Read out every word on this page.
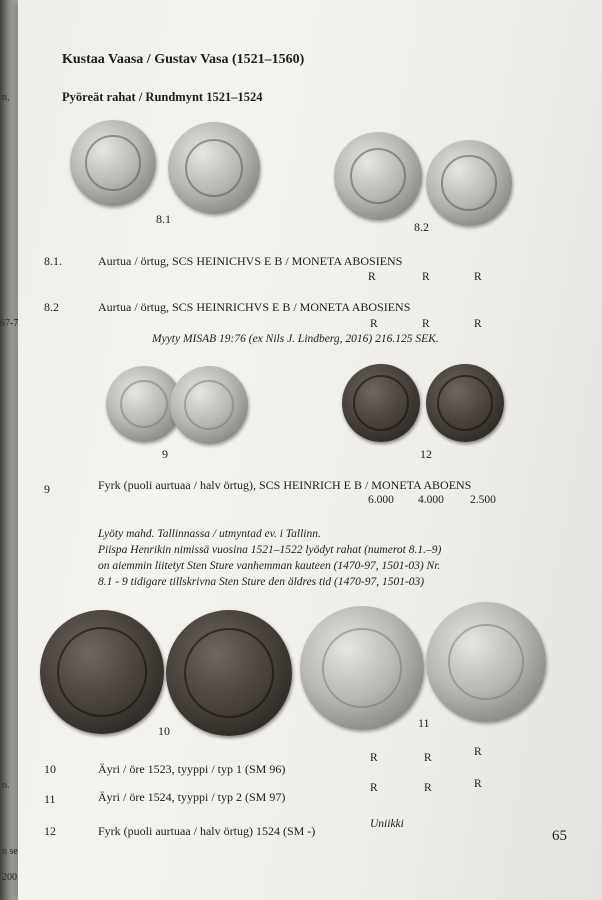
n,
67-7
o.
n se
200
Kustaa Vaasa / Gustav Vasa (1521–1560)
Pyöreät rahat / Rundmynt 1521–1524
8.1
8.2
8.1.	Aurtua / örtug, SCS HEINICHVS E B / MONETA ABOSIENS
R	R	R
8.2	Aurtua / örtug, SCS HEINRICHVS E B / MONETA ABOSIENS
R	R	R
Myyty MISAB 19:76 (ex Nils J. Lindberg, 2016) 216.125 SEK.
9	12
9	Fyrk (puoli aurtuaa / halv örtug), SCS HEINRICH E B / MONETA ABOENS
6.000 4.000 2.500
Lyöty mahd. Tallinnassa / utmyntad ev. i Tallinn.
Piispa Henrikin nimissä vuosina 1521–1522 lyödyt rahat (numerot 8.1.–9)
on aiemmin liitetyt Sten Sture vanhemman kauteen (1470-97, 1501-03) Nr.
8.1 - 9 tidigare tillskrivna Sten Sture den äldres tid (1470-97, 1501-03)
10
11
10	Äyri / öre 1523, tyyppi / typ 1 (SM 96)
R	R	R
11	Äyri / öre 1524, tyyppi / typ 2 (SM 97)
R	R	R
12	Fyrk (puoli aurtuaa / halv örtug) 1524 (SM -)	Uniikki
65
